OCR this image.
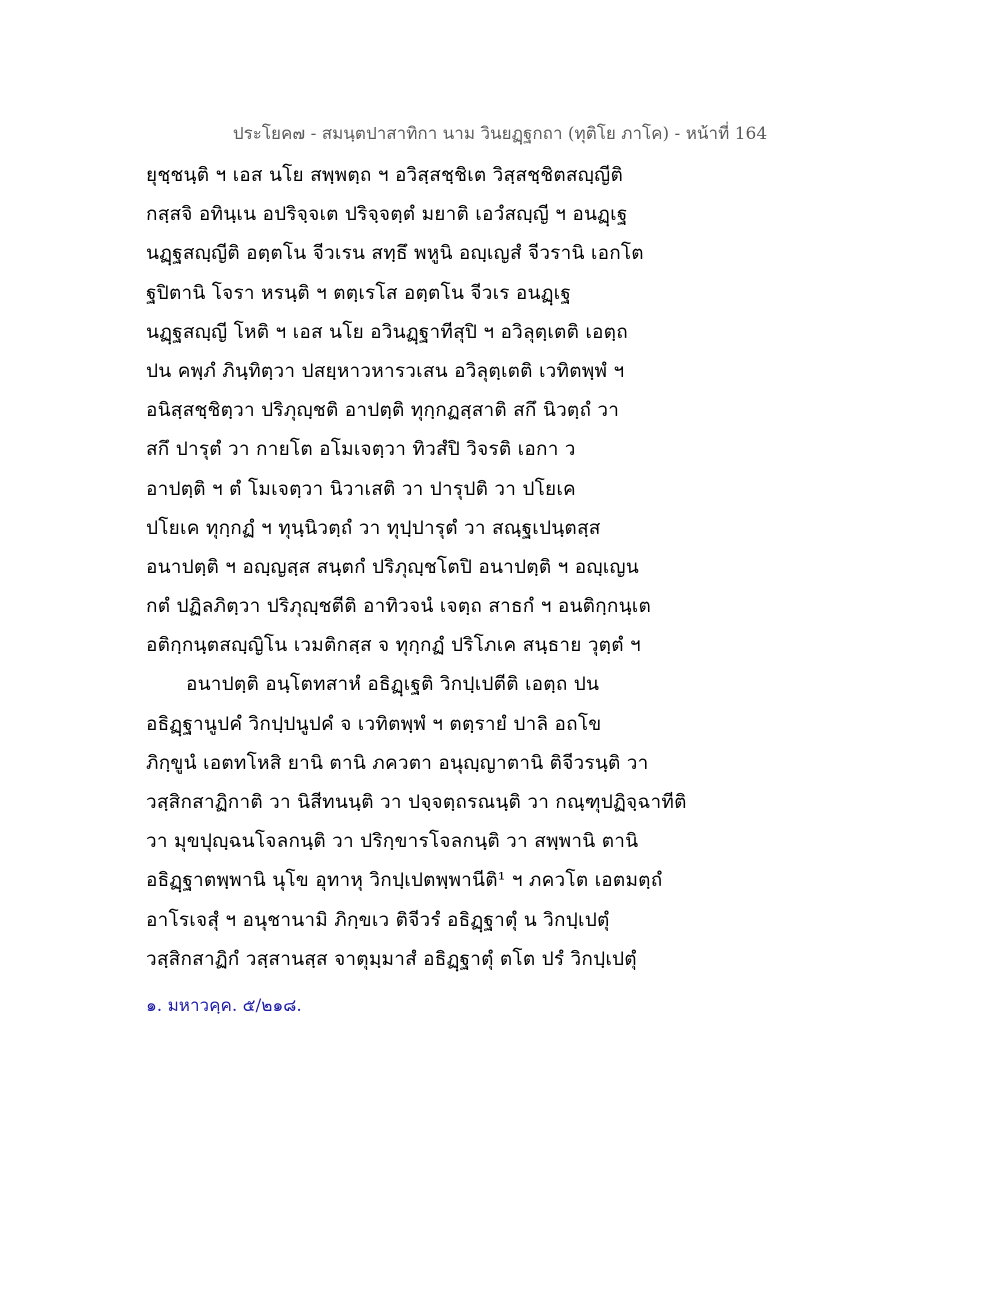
ประโยค๗ - สมนฺตปาสาทิกา นาม วินยฏฺฐกถา (ทุติโย ภาโค) - หน้าที่ 164
ยุชฺชนฺติ ฯ เอส นโย สพฺพตฺถ ฯ อวิสฺสชฺชิเต วิสฺสชฺชิตสญฺญีติ
กสฺสจิ อทินฺเน อปริจฺจเต ปริจฺจตฺตํ มยาติ เอวํสญฺญี ฯ อนฏฺเฐ
นฏฺฐสญฺญีติ อตฺตโน จีวเรน สทฺธึ พหูนิ อญฺเญสํ จีวรานิ เอกโต
ฐปิตานิ โจรา หรนฺติ ฯ ตตฺเรโส อตฺตโน จีวเร อนฏฺเฐ
นฏฺฐสญฺญี โหติ ฯ เอส นโย อวินฏฺฐาทีสุปิ ฯ อวิลุตฺเตติ เอตฺถ
ปน คพฺภํ ภินฺทิตฺวา ปสยฺหาวหารวเสน อวิลุตฺเตติ เวทิตพฺพํ ฯ
อนิสฺสชฺชิตฺวา ปริภุญฺชติ อาปตฺติ ทุกฺกฏสฺสาติ สกึ นิวตฺถํ วา
สกึ ปารุตํ วา กายโต อโมเจตฺวา ทิวสํปิ วิจรติ เอกา ว
อาปตฺติ ฯ ตํ โมเจตฺวา นิวาเสติ วา ปารุปติ วา ปโยเค
ปโยเค ทุกฺกฏํ ฯ ทุนฺนิวตฺถํ วา ทุปฺปารุตํ วา สณฺฐเปนฺตสฺส
อนาปตฺติ ฯ อญฺญสฺส สนฺตกํ ปริภุญฺชโตปิ อนาปตฺติ ฯ อญฺเญน
กตํ ปฏิลภิตฺวา ปริภุญฺชตีติ อาทิวจนํ เจตฺถ สาธกํ ฯ อนติกฺกนฺเต
อติกฺกนฺตสญฺญิโน เวมติกสฺส จ ทุกฺกฏํ ปริโภเค สนฺธาย วุตฺตํ ฯ
อนาปตฺติ อนฺโตทสาหํ อธิฏฺเฐติ วิกปฺเปตีติ เอตฺถ ปน
อธิฏฺฐานูปคํ วิกปฺปนูปคํ จ เวทิตพฺพํ ฯ ตตฺรายํ ปาลิ อถโข
ภิกฺขูนํ เอตทโหสิ ยานิ ตานิ ภควตา อนุญฺญาตานิ ติจีวรนฺติ วา
วสฺสิกสาฏิกาติ วา นิสีทนนฺติ วา ปจฺจตฺถรณนฺติ วา กณฺฑุปฏิจฺฉาทีติ
วา มุขปุญฺฉนโจลกนฺติ วา ปริกฺขารโจลกนฺติ วา สพฺพานิ ตานิ
อธิฏฺฐาตพฺพานิ นุโข อุทาหุ วิกปฺเปตพฺพานีติ¹ ฯ ภควโต เอตมตฺถํ
อาโรเจสุํ ฯ อนุชานามิ ภิกฺขเว ติจีวรํ อธิฏฺฐาตุํ น วิกปฺเปตุํ
วสฺสิกสาฏิกํ วสฺสานสฺส จาตุมฺมาสํ อธิฏฺฐาตุํ ตโต ปรํ วิกปฺเปตุํ
๑. มหาวคฺค. ๕/๒๑๘.
